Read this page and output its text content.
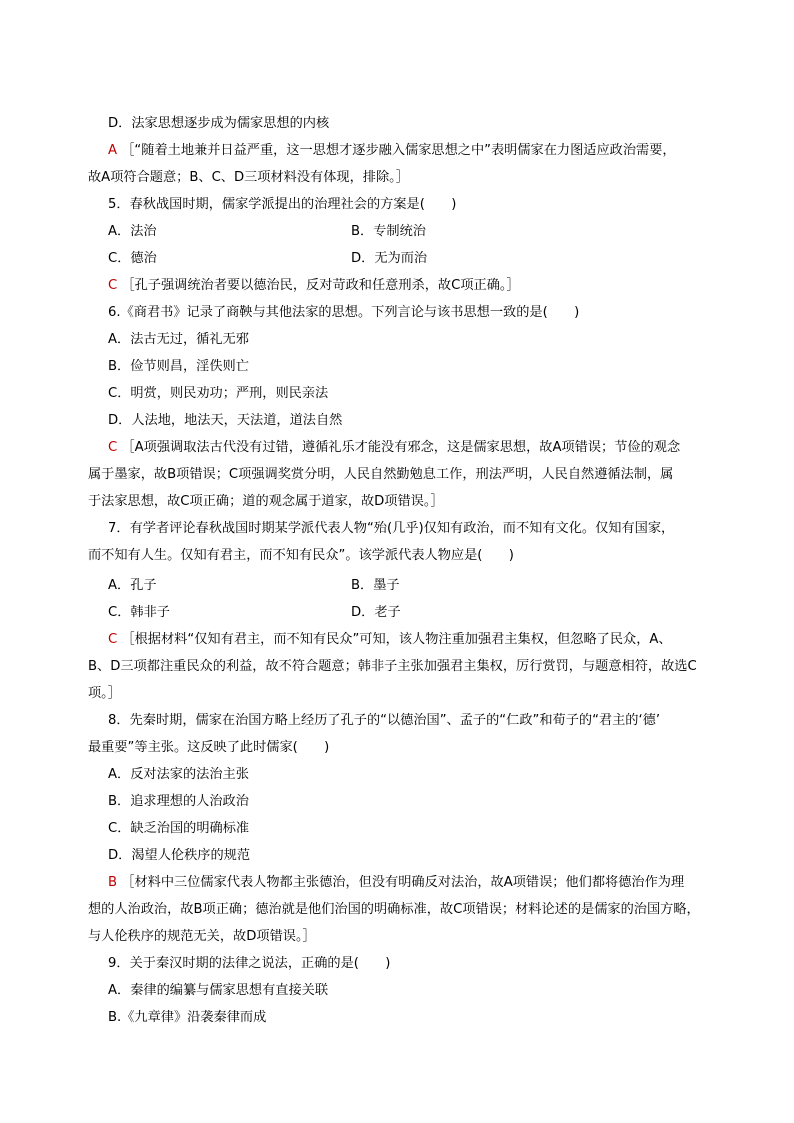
D．法家思想逐步成为儒家思想的内核
A ［“随着土地兼并日益严重，这一思想才逐步融入儒家思想之中”表明儒家在力图适应政治需要，
故A项符合题意；B、C、D三项材料没有体现，排除。］
5．春秋战国时期，儒家学派提出的治理社会的方案是(　　)
A．法治	B．专制统治
C．德治	D．无为而治
C ［孔子强调统治者要以德治民，反对苛政和任意刑杀，故C项正确。］
6.《商君书》记录了商鞅与其他法家的思想。下列言论与该书思想一致的是(　　)
A．法古无过，循礼无邪
B．俭节则昌，淫佚则亡
C．明赏，则民劝功；严刑，则民亲法
D．人法地，地法天，天法道，道法自然
C ［A项强调取法古代没有过错，遵循礼乐才能没有邪念，这是儒家思想，故A项错误；节俭的观念
属于墨家，故B项错误；C项强调奖赏分明，人民自然勤勉息工作，刑法严明，人民自然遵循法制，属
于法家思想，故C项正确；道的观念属于道家，故D项错误。］
7．有学者评论春秋战国时期某学派代表人物“殆(几乎)仅知有政治，而不知有文化。仅知有国家，
而不知有人生。仅知有君主，而不知有民众”。该学派代表人物应是(　　)
A．孔子	B．墨子
C．韩非子	D．老子
C ［根据材料“仅知有君主，而不知有民众”可知，该人物注重加强君主集权，但忽略了民众，A、
B、D三项都注重民众的利益，故不符合题意；韩非子主张加强君主集权，厉行赏罚，与题意相符，故选C
项。］
8．先秦时期，儒家在治国方略上经历了孔子的“以德治国”、孟子的“仁政”和荀子的“君主的‘德’
最重要”等主张。这反映了此时儒家(　　)
A．反对法家的法治主张
B．追求理想的人治政治
C．缺乏治国的明确标准
D．渴望人伦秩序的规范
B ［材料中三位儒家代表人物都主张德治，但没有明确反对法治，故A项错误；他们都将德治作为理
想的人治政治，故B项正确；德治就是他们治国的明确标准，故C项错误；材料论述的是儒家的治国方略，
与人伦秩序的规范无关，故D项错误。］
9．关于秦汉时期的法律之说法，正确的是(　　)
A．秦律的编纂与儒家思想有直接关联
B.《九章律》沿袭秦律而成
